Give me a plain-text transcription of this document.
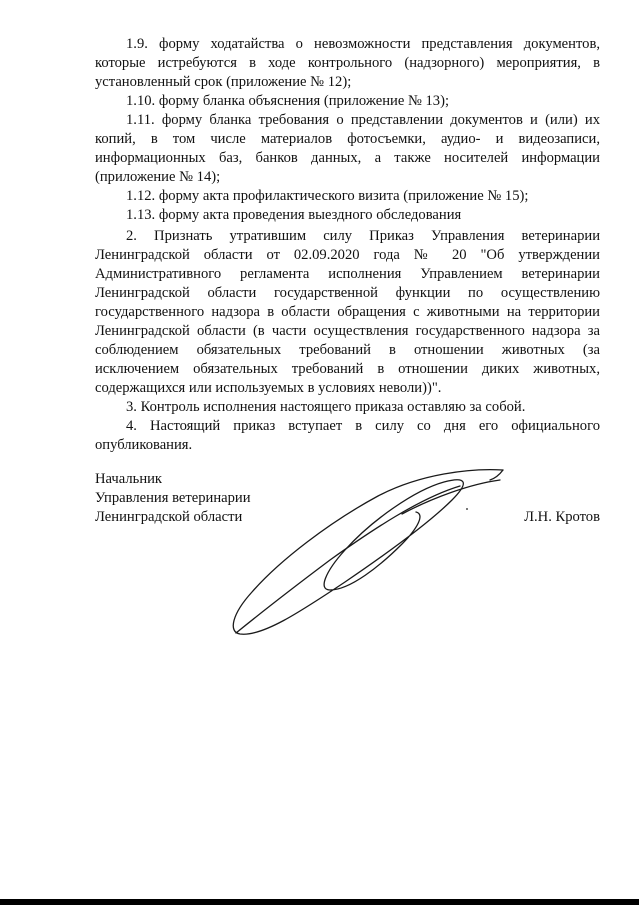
1.9. форму ходатайства о невозможности представления документов, которые истребуются в ходе контрольного (надзорного) мероприятия, в установленный срок (приложение № 12);

1.10. форму бланка объяснения (приложение № 13);

1.11. форму бланка требования о представлении документов и (или) их копий, в том числе материалов фотосъемки, аудио- и видеозаписи, информационных баз, банков данных, а также носителей информации (приложение № 14);

1.12. форму акта профилактического визита (приложение № 15);

1.13. форму акта проведения выездного обследования

2. Признать утратившим силу Приказ Управления ветеринарии Ленинградской области от 02.09.2020 года № 20 "Об утверждении Административного регламента исполнения Управлением ветеринарии Ленинградской области государственной функции по осуществлению государственного надзора в области обращения с животными на территории Ленинградской области (в части осуществления государственного надзора за соблюдением обязательных требований в отношении животных (за исключением обязательных требований в отношении диких животных, содержащихся или используемых в условиях неволи))".

3. Контроль исполнения настоящего приказа оставляю за собой.

4. Настоящий приказ вступает в силу со дня его официального опубликования.

Начальник
Управления ветеринарии
Ленинградской области	Л.Н. Кротов
